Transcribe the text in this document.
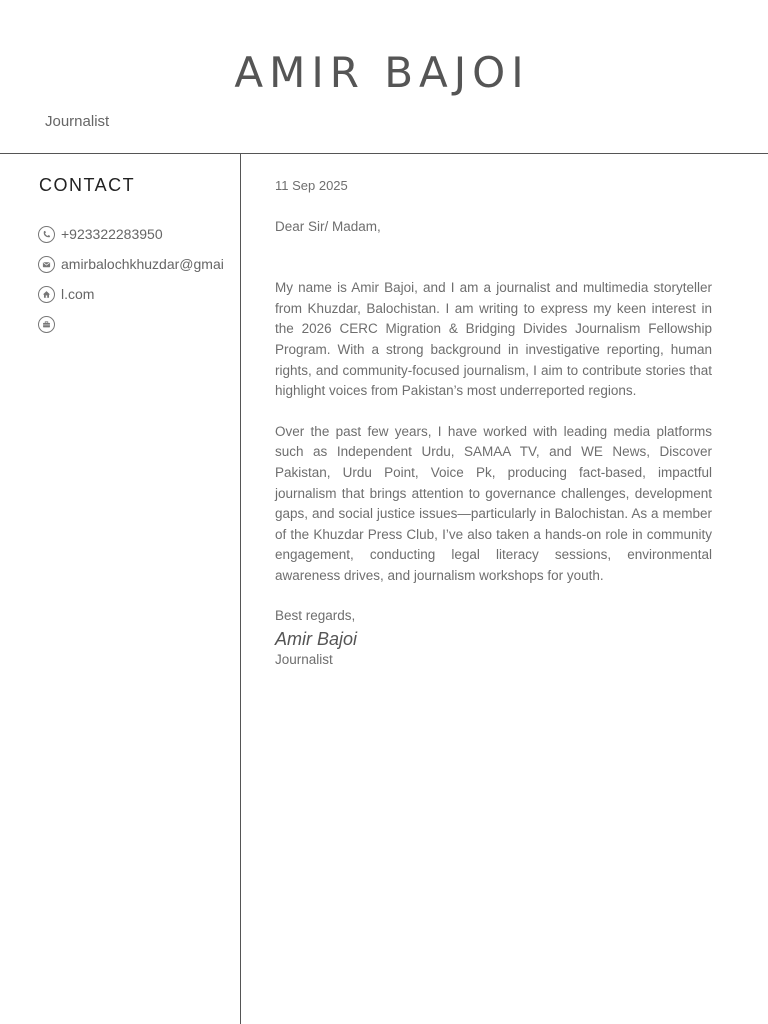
AMIR BAJOI
Journalist
CONTACT
+923322283950
amirbalochkhuzdar@gmai
l.com

11 Sep 2025

Dear Sir/ Madam,

My name is Amir Bajoi, and I am a journalist and multimedia storyteller from Khuzdar, Balochistan. I am writing to express my keen interest in the 2026 CERC Migration & Bridging Divides Journalism Fellowship Program. With a strong background in investigative reporting, human rights, and community-focused journalism, I aim to contribute stories that highlight voices from Pakistan’s most underreported regions.

Over the past few years, I have worked with leading media platforms such as Independent Urdu, SAMAA TV, and WE News, Discover Pakistan, Urdu Point, Voice Pk, producing fact-based, impactful journalism that brings attention to governance challenges, development gaps, and social justice issues—particularly in Balochistan. As a member of the Khuzdar Press Club, I’ve also taken a hands-on role in community engagement, conducting legal literacy sessions, environmental awareness drives, and journalism workshops for youth.

Best regards,

Amir Bajoi

Journalist
